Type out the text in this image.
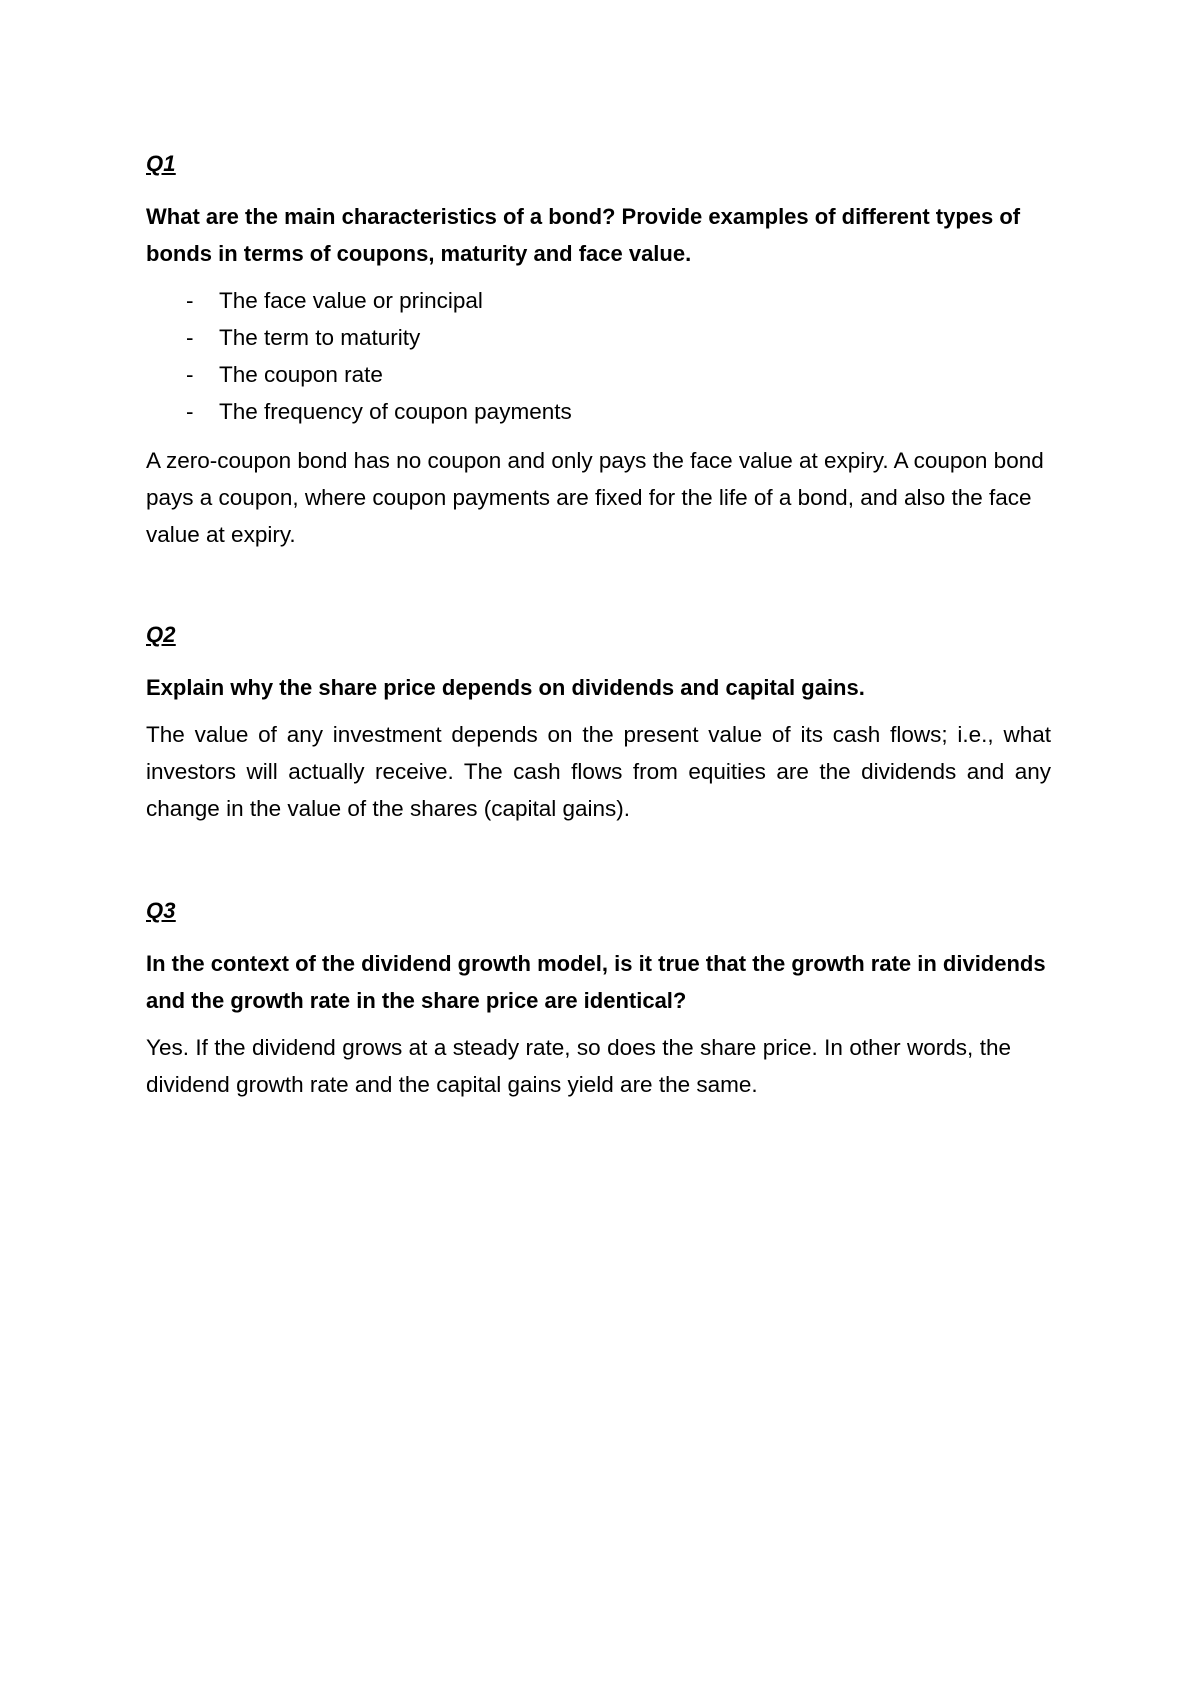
Q1
What are the main characteristics of a bond? Provide examples of different types of bonds in terms of coupons, maturity and face value.
- The face value or principal
- The term to maturity
- The coupon rate
- The frequency of coupon payments

A zero-coupon bond has no coupon and only pays the face value at expiry. A coupon bond pays a coupon, where coupon payments are fixed for the life of a bond, and also the face value at expiry.

Q2
Explain why the share price depends on dividends and capital gains.

The value of any investment depends on the present value of its cash flows; i.e., what investors will actually receive. The cash flows from equities are the dividends and any change in the value of the shares (capital gains).

Q3
In the context of the dividend growth model, is it true that the growth rate in dividends and the growth rate in the share price are identical?

Yes. If the dividend grows at a steady rate, so does the share price. In other words, the dividend growth rate and the capital gains yield are the same.
